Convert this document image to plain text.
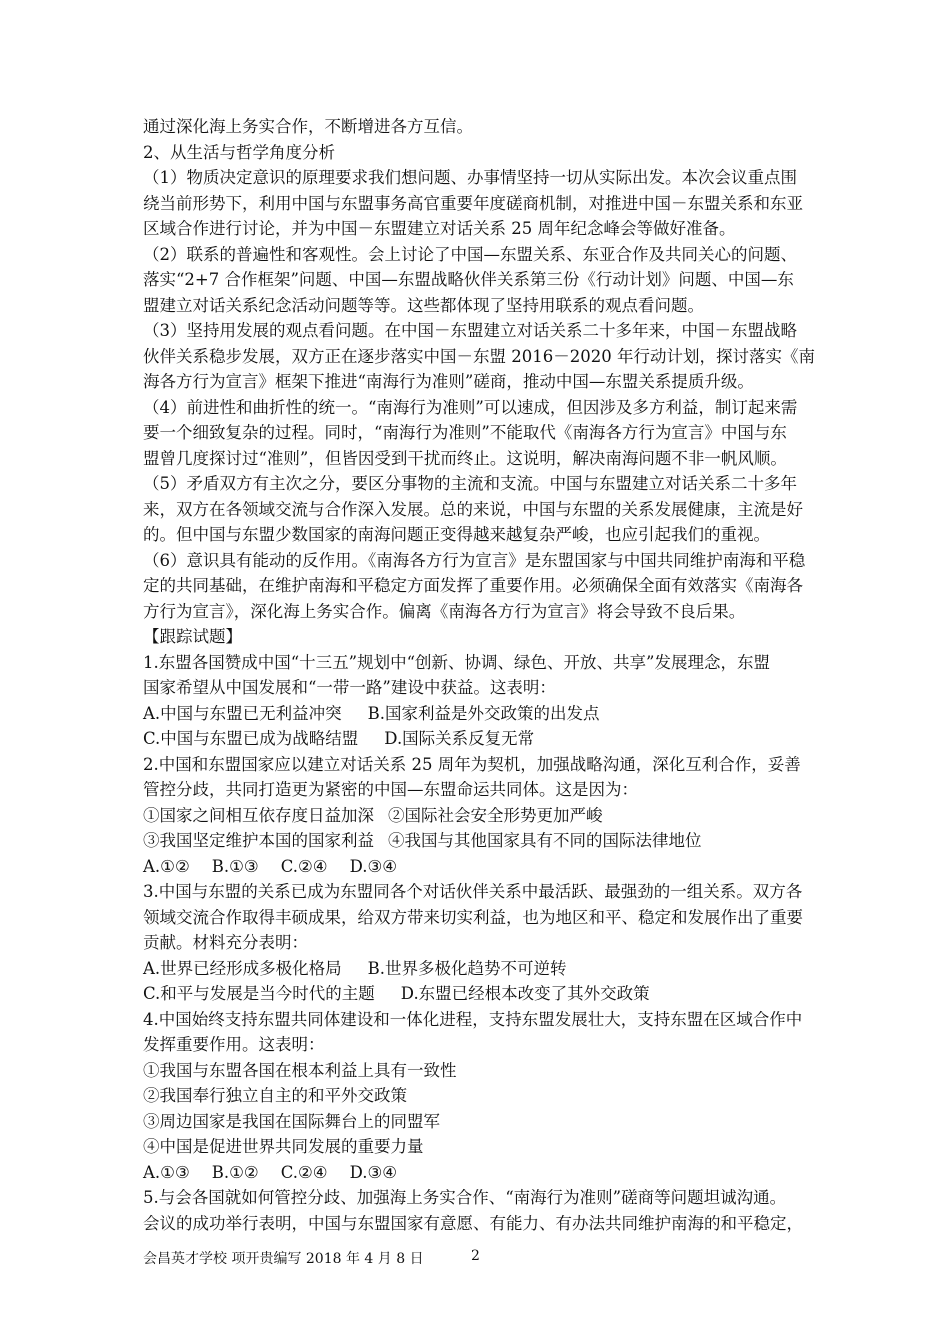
通过深化海上务实合作，不断增进各方互信。

2、从生活与哲学角度分析

（1）物质决定意识的原理要求我们想问题、办事情坚持一切从实际出发。本次会议重点围

绕当前形势下，利用中国与东盟事务高官重要年度磋商机制，对推进中国－东盟关系和东亚

区域合作进行讨论，并为中国－东盟建立对话关系 25 周年纪念峰会等做好准备。

（2）联系的普遍性和客观性。会上讨论了中国—东盟关系、东亚合作及共同关心的问题、

落实“2+7 合作框架”问题、中国—东盟战略伙伴关系第三份《行动计划》问题、中国—东

盟建立对话关系纪念活动问题等等。这些都体现了坚持用联系的观点看问题。

（3）坚持用发展的观点看问题。在中国－东盟建立对话关系二十多年来，中国－东盟战略

伙伴关系稳步发展，双方正在逐步落实中国－东盟 2016－2020 年行动计划，探讨落实《南

海各方行为宣言》框架下推进“南海行为准则”磋商，推动中国—东盟关系提质升级。

（4）前进性和曲折性的统一。“南海行为准则”可以速成，但因涉及多方利益，制订起来需

要一个细致复杂的过程。同时，“南海行为准则”不能取代《南海各方行为宣言》中国与东

盟曾几度探讨过“准则”，但皆因受到干扰而终止。这说明，解决南海问题不非一帆风顺。

（5）矛盾双方有主次之分，要区分事物的主流和支流。中国与东盟建立对话关系二十多年

来，双方在各领域交流与合作深入发展。总的来说，中国与东盟的关系发展健康，主流是好

的。但中国与东盟少数国家的南海问题正变得越来越复杂严峻，也应引起我们的重视。

（6）意识具有能动的反作用。《南海各方行为宣言》是东盟国家与中国共同维护南海和平稳

定的共同基础，在维护南海和平稳定方面发挥了重要作用。必须确保全面有效落实《南海各

方行为宣言》，深化海上务实合作。偏离《南海各方行为宣言》将会导致不良后果。

【跟踪试题】

1.东盟各国赞成中国“十三五”规划中“创新、协调、绿色、开放、共享”发展理念，东盟

国家希望从中国发展和“一带一路”建设中获益。这表明：

A.中国与东盟已无利益冲突 B.国家利益是外交政策的出发点

C.中国与东盟已成为战略结盟 D.国际关系反复无常

2.中国和东盟国家应以建立对话关系 25 周年为契机，加强战略沟通，深化互利合作，妥善

管控分歧，共同打造更为紧密的中国—东盟命运共同体。这是因为：

①国家之间相互依存度日益加深 ②国际社会安全形势更加严峻

③我国坚定维护本国的国家利益 ④我国与其他国家具有不同的国际法律地位

A.①② B.①③ C.②④ D.③④

3.中国与东盟的关系已成为东盟同各个对话伙伴关系中最活跃、最强劲的一组关系。双方各

领域交流合作取得丰硕成果，给双方带来切实利益，也为地区和平、稳定和发展作出了重要

贡献。材料充分表明：

A.世界已经形成多极化格局 B.世界多极化趋势不可逆转

C.和平与发展是当今时代的主题 D.东盟已经根本改变了其外交政策

4.中国始终支持东盟共同体建设和一体化进程，支持东盟发展壮大，支持东盟在区域合作中

发挥重要作用。这表明：

①我国与东盟各国在根本利益上具有一致性

②我国奉行独立自主的和平外交政策

③周边国家是我国在国际舞台上的同盟军

④中国是促进世界共同发展的重要力量

A.①③ B.①② C.②④ D.③④

5.与会各国就如何管控分歧、加强海上务实合作、“南海行为准则”磋商等问题坦诚沟通。

会议的成功举行表明，中国与东盟国家有意愿、有能力、有办法共同维护南海的和平稳定，

会昌英才学校 项开贵编写 2018 年 4 月 8 日	2
